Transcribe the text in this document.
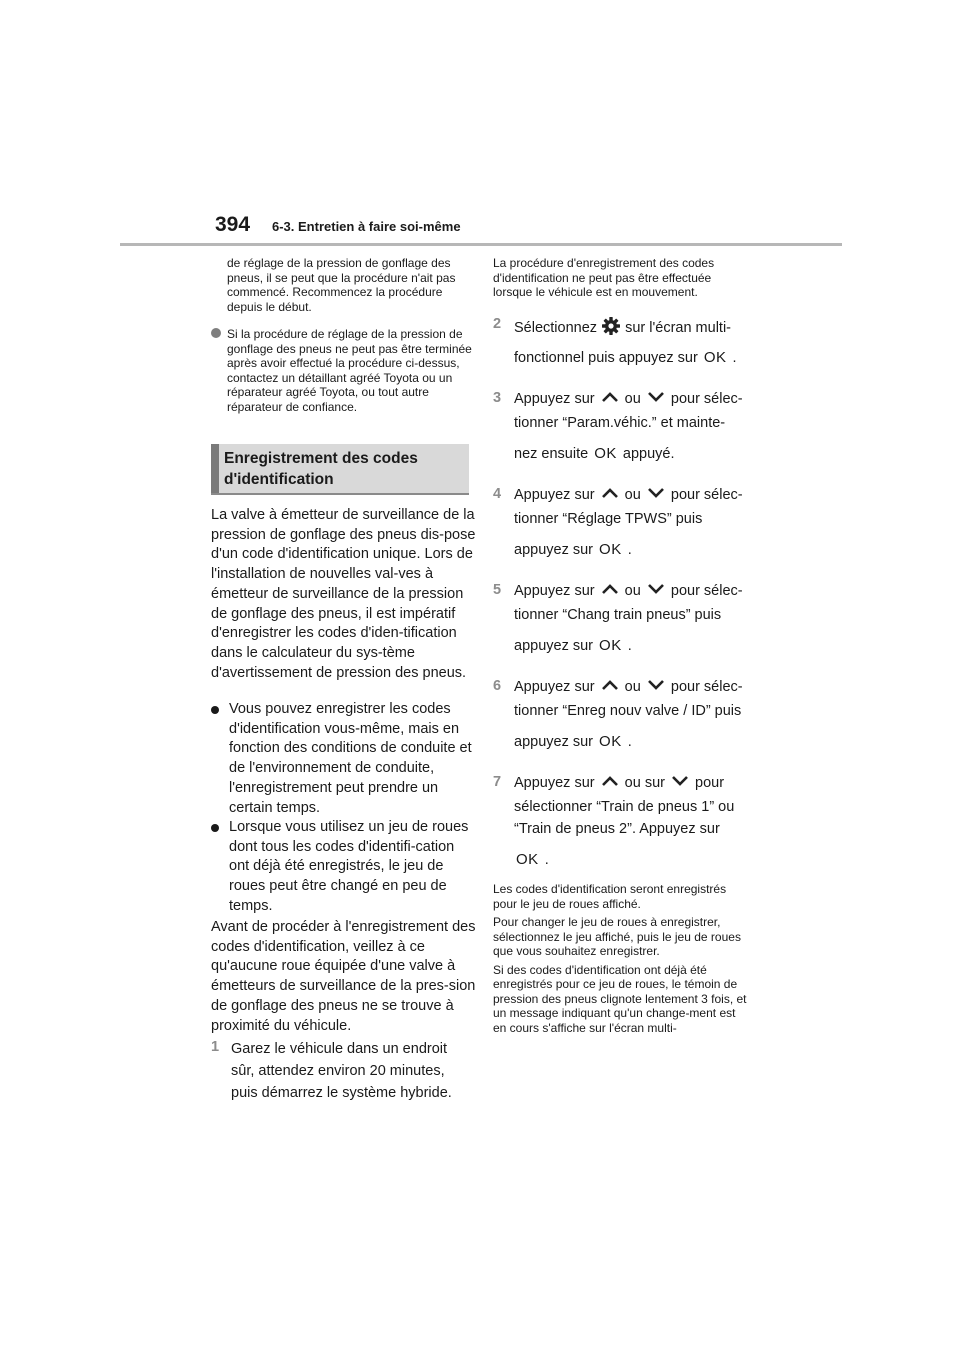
394 6-3. Entretien à faire soi-même

de réglage de la pression de gonflage des pneus, il se peut que la procédure n'ait pas commencé. Recommencez la procédure depuis le début.

Si la procédure de réglage de la pression de gonflage des pneus ne peut pas être terminée après avoir effectué la procédure ci-dessus, contactez un détaillant agréé Toyota ou un réparateur agréé Toyota, ou tout autre réparateur de confiance.

Enregistrement des codes
d'identification

La valve à émetteur de surveillance de la pression de gonflage des pneus dis-pose d'un code d'identification unique. Lors de l'installation de nouvelles val-ves à émetteur de surveillance de la pression de gonflage des pneus, il est impératif d'enregistrer les codes d'iden-tification dans le calculateur du sys-tème d'avertissement de pression des pneus.

Vous pouvez enregistrer les codes d'identification vous-même, mais en fonction des conditions de conduite et de l'environnement de conduite, l'enregistrement peut prendre un certain temps.

Lorsque vous utilisez un jeu de roues dont tous les codes d'identifi-cation ont déjà été enregistrés, le jeu de roues peut être changé en peu de temps.

Avant de procéder à l'enregistrement des codes d'identification, veillez à ce qu'aucune roue équipée d'une valve à émetteurs de surveillance de la pres-sion de gonflage des pneus ne se trouve à proximité du véhicule.

1 Garez le véhicule dans un endroit
sûr, attendez environ 20 minutes,
puis démarrez le système hybride.

La procédure d'enregistrement des codes d'identification ne peut pas être effectuée lorsque le véhicule est en mouvement.

2 Sélectionnez sur l'écran multi-
fonctionnel puis appuyez sur OK .
3 Appuyez sur ou pour sélec-
tionner “Param.véhic.” et mainte-
nez ensuite OK appuyé.
4 Appuyez sur ou pour sélec-
tionner “Réglage TPWS” puis
appuyez sur OK .
5 Appuyez sur ou pour sélec-
tionner “Chang train pneus” puis
appuyez sur OK .
6 Appuyez sur ou pour sélec-
tionner “Enreg nouv valve / ID” puis
appuyez sur OK .
7 Appuyez sur ou sur pour
sélectionner “Train de pneus 1” ou
“Train de pneus 2”. Appuyez sur
OK .

Les codes d'identification seront enregistrés pour le jeu de roues affiché.

Pour changer le jeu de roues à enregistrer, sélectionnez le jeu affiché, puis le jeu de roues que vous souhaitez enregistrer.

Si des codes d'identification ont déjà été enregistrés pour ce jeu de roues, le témoin de pression des pneus clignote lentement 3 fois, et un message indiquant qu'un change-ment est en cours s'affiche sur l'écran multi-
